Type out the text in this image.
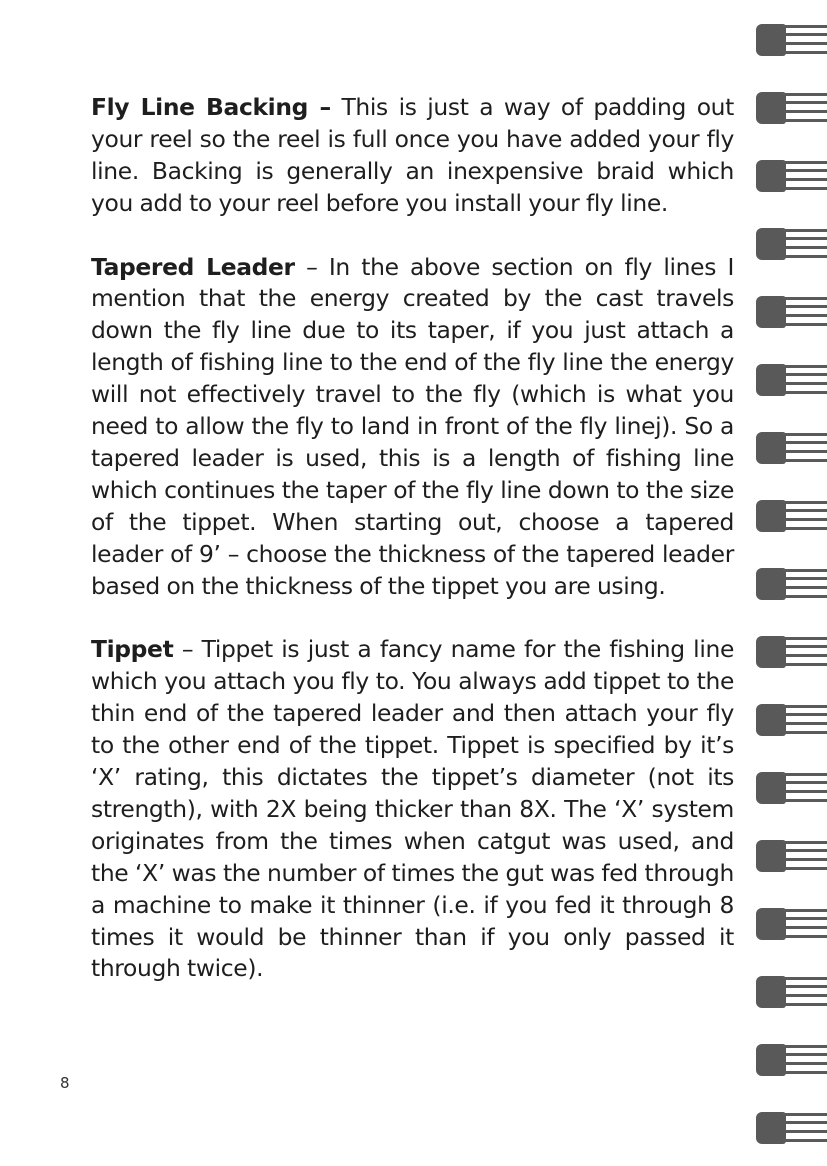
Fly Line Backing – This is just a way of padding out your reel so the reel is full once you have added your fly line. Backing is generally an inexpensive braid which you add to your reel before you install your fly line.

Tapered Leader – In the above section on fly lines I mention that the energy created by the cast travels down the fly line due to its taper, if you just attach a length of fishing line to the end of the fly line the energy will not effectively travel to the fly (which is what you need to allow the fly to land in front of the fly linej). So a tapered leader is used, this is a length of fishing line which continues the taper of the fly line down to the size of the tippet. When starting out, choose a tapered leader of 9’ – choose the thickness of the tapered leader based on the thickness of the tippet you are using.

Tippet – Tippet is just a fancy name for the fishing line which you attach you fly to. You always add tippet to the thin end of the tapered leader and then attach your fly to the other end of the tippet. Tippet is specified by it’s ‘X’ rating, this dictates the tippet’s diameter (not its strength), with 2X being thicker than 8X. The ‘X’ system originates from the times when catgut was used, and the ‘X’ was the number of times the gut was fed through a machine to make it thinner (i.e. if you fed it through 8 times it would be thinner than if you only passed it through twice).

8
